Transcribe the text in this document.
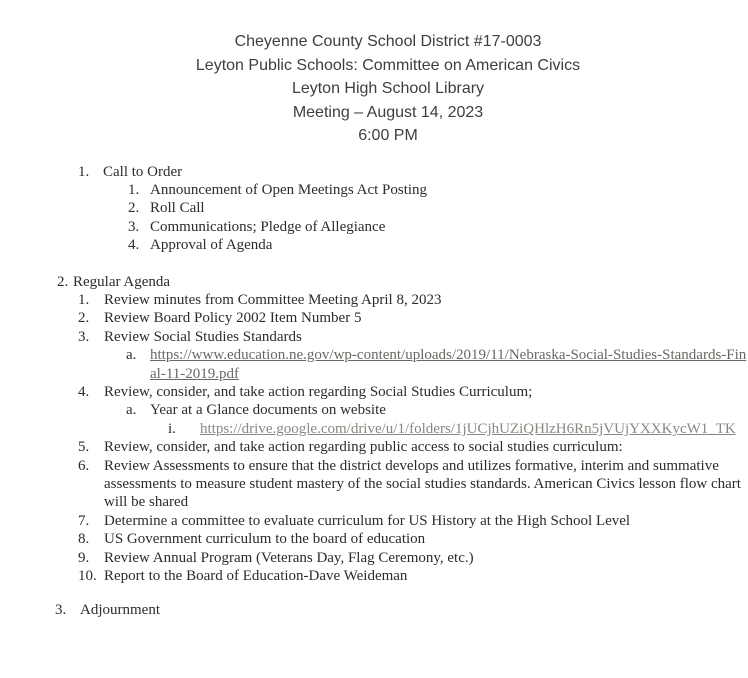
Cheyenne County School District #17-0003
Leyton Public Schools: Committee on American Civics
Leyton High School Library
Meeting – August 14, 2023
6:00 PM
1. Call to Order
1. Announcement of Open Meetings Act Posting
2. Roll Call
3. Communications; Pledge of Allegiance
4. Approval of Agenda
2. Regular Agenda
1. Review minutes from Committee Meeting April 8, 2023
2. Review Board Policy 2002 Item Number 5
3. Review Social Studies Standards
a. https://www.education.ne.gov/wp-content/uploads/2019/11/Nebraska-Social-Studies-Standards-Final-11-2019.pdf
4. Review, consider, and take action regarding Social Studies Curriculum;
a. Year at a Glance documents on website
i.	https://drive.google.com/drive/u/1/folders/1jUCjhUZiQHlzH6Rn5jVUjYXXKycW1_TK
5. Review, consider, and take action regarding public access to social studies curriculum:
6. Review Assessments to ensure that the district develops and utilizes formative, interim and summative assessments to measure student mastery of the social studies standards. American Civics lesson flow chart will be shared
7. Determine a committee to evaluate curriculum for US History at the High School Level
8. US Government curriculum to the board of education
9. Review Annual Program (Veterans Day, Flag Ceremony, etc.)
10. Report to the Board of Education-Dave Weideman
3. Adjournment
